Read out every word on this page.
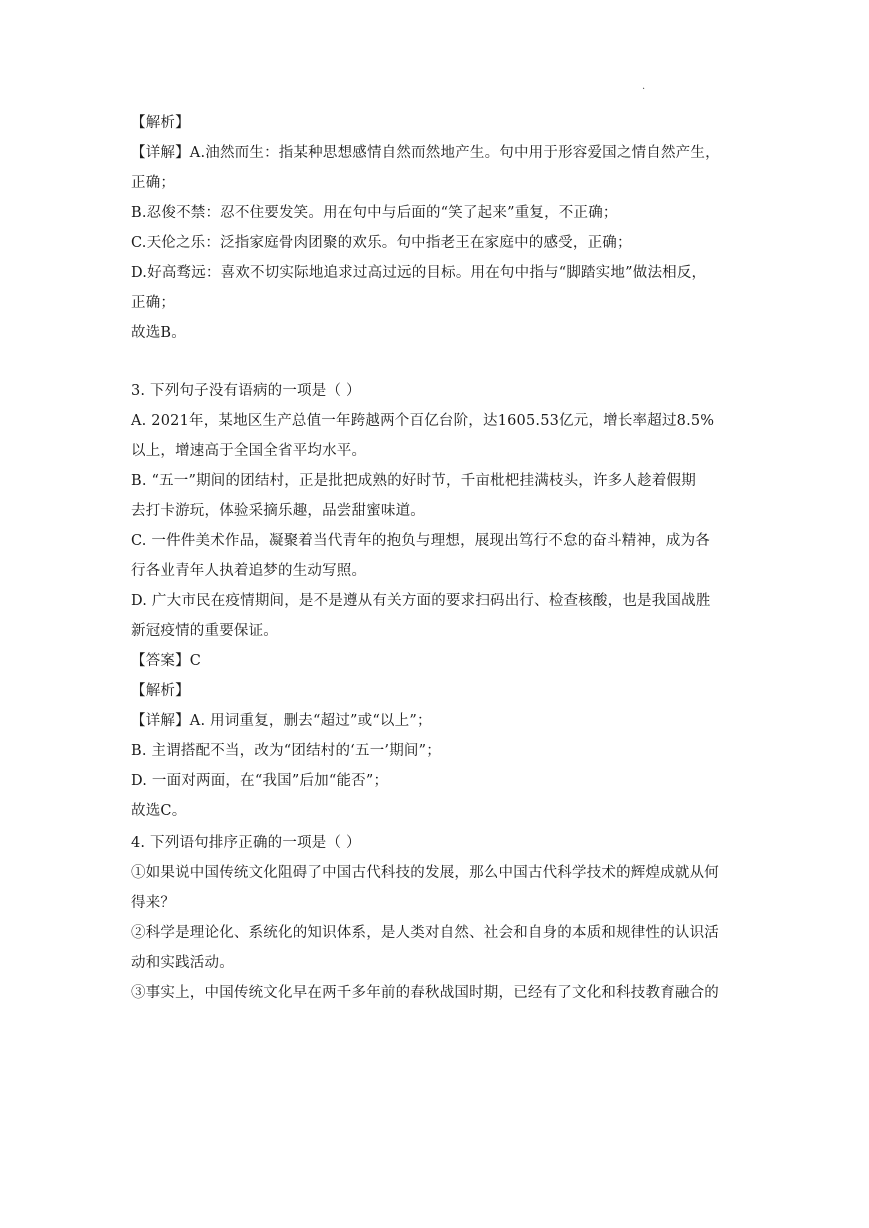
·
【解析】
【详解】A.油然而生：指某种思想感情自然而然地产生。句中用于形容爱国之情自然产生，
正确；
B.忍俊不禁：忍不住要发笑。用在句中与后面的“笑了起来”重复，不正确；
C.天伦之乐：泛指家庭骨肉团聚的欢乐。句中指老王在家庭中的感受，正确；
D.好高骛远：喜欢不切实际地追求过高过远的目标。用在句中指与“脚踏实地”做法相反，
正确；
故选B。
3. 下列句子没有语病的一项是（ ）
A. 2021年，某地区生产总值一年跨越两个百亿台阶，达1605.53亿元，增长率超过8.5%
以上，增速高于全国全省平均水平。
B. “五一”期间的团结村，正是批把成熟的好时节，千亩枇杷挂满枝头，许多人趁着假期
去打卡游玩，体验采摘乐趣，品尝甜蜜味道。
C. 一件件美术作品，凝聚着当代青年的抱负与理想，展现出笃行不怠的奋斗精神，成为各
行各业青年人执着追梦的生动写照。
D. 广大市民在疫情期间，是不是遵从有关方面的要求扫码出行、检查核酸，也是我国战胜
新冠疫情的重要保证。
【答案】C
【解析】
【详解】A. 用词重复，删去“超过”或“以上”；
B. 主谓搭配不当，改为“团结村的‘五一’期间”；
D. 一面对两面，在“我国”后加“能否”；
故选C。
4. 下列语句排序正确的一项是（ ）
①如果说中国传统文化阻碍了中国古代科技的发展，那么中国古代科学技术的辉煌成就从何
得来？
②科学是理论化、系统化的知识体系，是人类对自然、社会和自身的本质和规律性的认识活
动和实践活动。
③事实上，中国传统文化早在两千多年前的春秋战国时期，已经有了文化和科技教育融合的
